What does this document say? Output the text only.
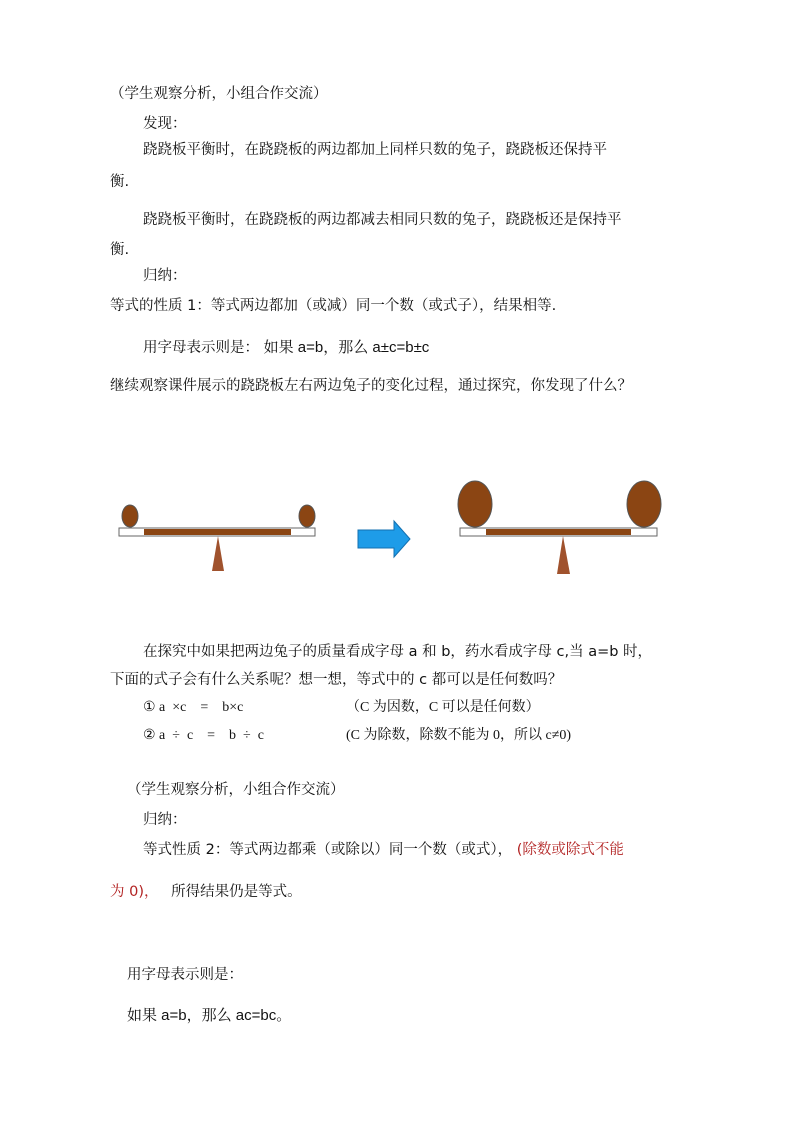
（学生观察分析，小组合作交流）
发现：
跷跷板平衡时，在跷跷板的两边都加上同样只数的兔子，跷跷板还保持平
衡.
跷跷板平衡时，在跷跷板的两边都减去相同只数的兔子，跷跷板还是保持平
衡.
归纳：
等式的性质 1：等式两边都加（或减）同一个数（或式子），结果相等.
用字母表示则是： 如果 a=b，那么 a±c=b±c
继续观察课件展示的跷跷板左右两边兔子的变化过程，通过探究，你发现了什么？
在探究中如果把两边兔子的质量看成字母 a 和 b，药水看成字母 c,当 a=b 时，
下面的式子会有什么关系呢？想一想，等式中的 c 都可以是任何数吗？
① a  ×c    =    b×c	（C 为因数，C 可以是任何数）
② a  ÷  c    =    b  ÷  c	(C 为除数，除数不能为 0，所以 c≠0)
（学生观察分析，小组合作交流）
归纳：
等式性质 2：等式两边都乘（或除以）同一个数（或式）， (除数或除式不能
为 0)， 所得结果仍是等式。
用字母表示则是：
如果 a=b，那么 ac=bc。
